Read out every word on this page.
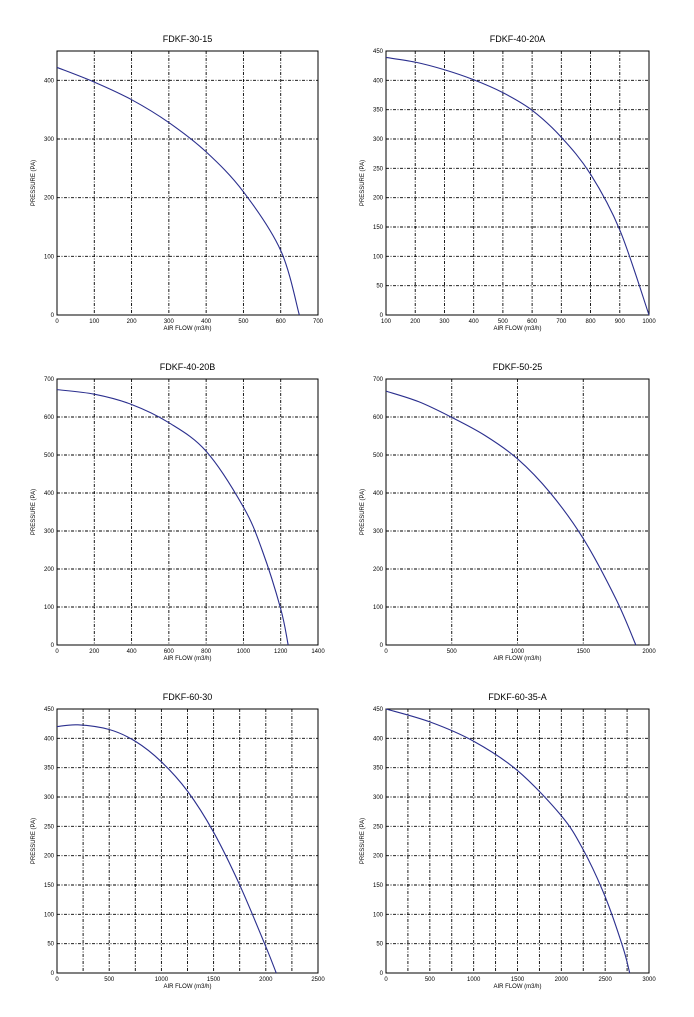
FDKF-30-15
0	100	200	300	400	500	600	700
0
100
200
300
400
AIR FLOW (m3/h)
PRESSURE (PA)
FDKF-40-20A
100	200	300	400	500	600	700	800	900	1000
0
50
100
150
200
250
300
350
400
450
AIR FLOW (m3/h)
PRESSURE (PA)
FDKF-40-20B
0	200	400	600	800	1000	1200	1400
0
100
200
300
400
500
600
700
AIR FLOW (m3/h)
PRESSURE (PA)
FDKF-50-25
0	500	1000	1500	2000
0
100
200
300
400
500
600
700
AIR FLOW (m3/h)
PRESSURE (PA)
FDKF-60-30
0	500	1000	1500	2000	2500
0
50
100
150
200
250
300
350
400
450
AIR FLOW (m3/h)
PRESSURE (PA)
FDKF-60-35-A
0	500	1000	1500	2000	2500	3000
0
50
100
150
200
250
300
350
400
450
AIR FLOW (m3/h)
PRESSURE (PA)
